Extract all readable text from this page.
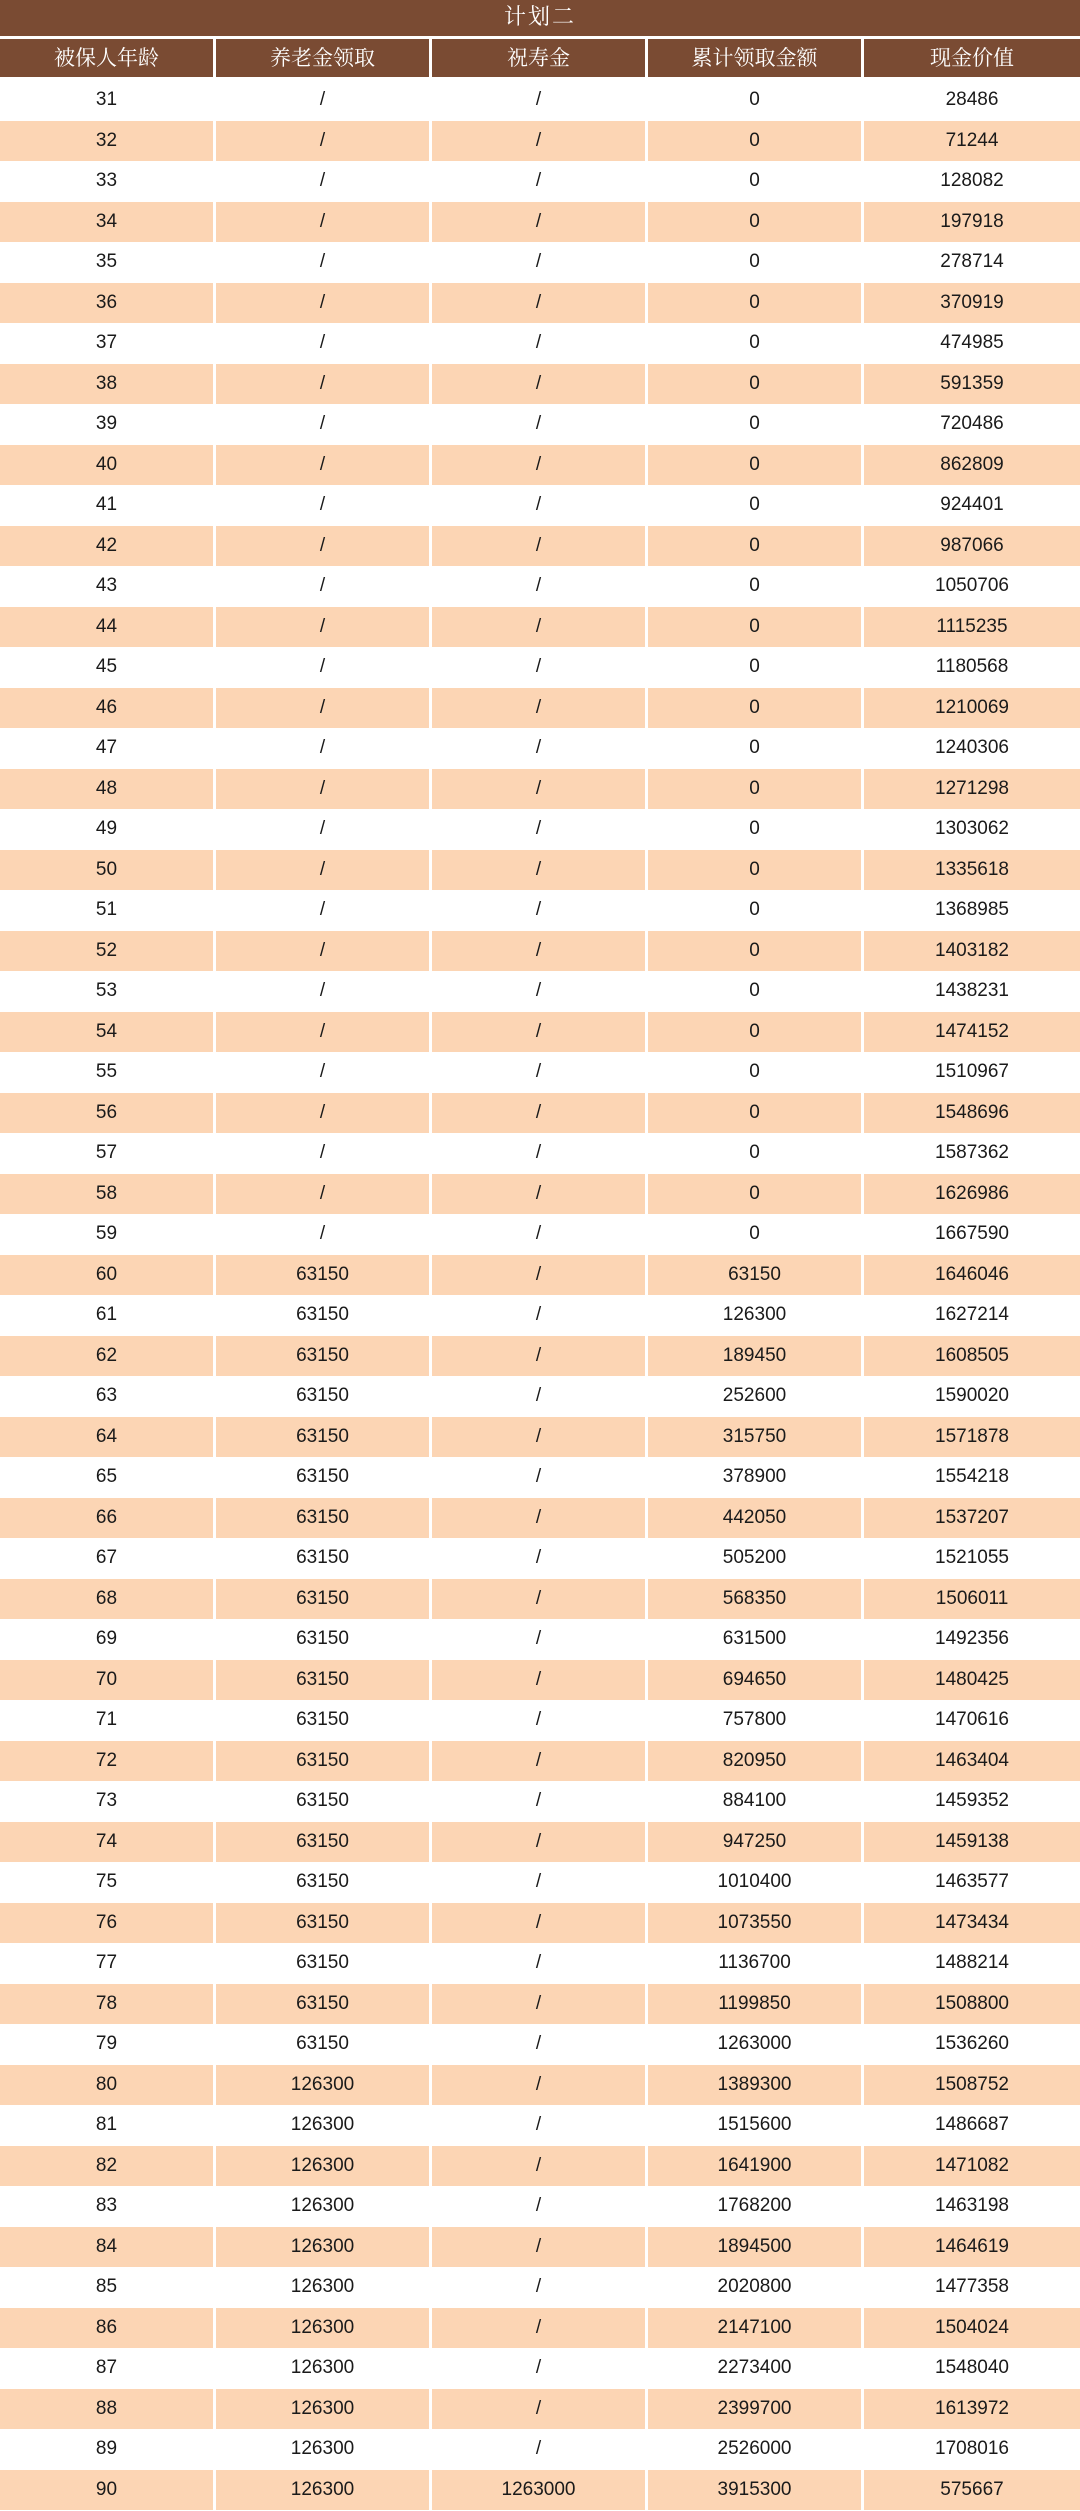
计划二
被保人年龄	养老金领取	祝寿金	累计领取金额	现金价值
31	/	/	0	28486
32	/	/	0	71244
33	/	/	0	128082
34	/	/	0	197918
35	/	/	0	278714
36	/	/	0	370919
37	/	/	0	474985
38	/	/	0	591359
39	/	/	0	720486
40	/	/	0	862809
41	/	/	0	924401
42	/	/	0	987066
43	/	/	0	1050706
44	/	/	0	1115235
45	/	/	0	1180568
46	/	/	0	1210069
47	/	/	0	1240306
48	/	/	0	1271298
49	/	/	0	1303062
50	/	/	0	1335618
51	/	/	0	1368985
52	/	/	0	1403182
53	/	/	0	1438231
54	/	/	0	1474152
55	/	/	0	1510967
56	/	/	0	1548696
57	/	/	0	1587362
58	/	/	0	1626986
59	/	/	0	1667590
60	63150	/	63150	1646046
61	63150	/	126300	1627214
62	63150	/	189450	1608505
63	63150	/	252600	1590020
64	63150	/	315750	1571878
65	63150	/	378900	1554218
66	63150	/	442050	1537207
67	63150	/	505200	1521055
68	63150	/	568350	1506011
69	63150	/	631500	1492356
70	63150	/	694650	1480425
71	63150	/	757800	1470616
72	63150	/	820950	1463404
73	63150	/	884100	1459352
74	63150	/	947250	1459138
75	63150	/	1010400	1463577
76	63150	/	1073550	1473434
77	63150	/	1136700	1488214
78	63150	/	1199850	1508800
79	63150	/	1263000	1536260
80	126300	/	1389300	1508752
81	126300	/	1515600	1486687
82	126300	/	1641900	1471082
83	126300	/	1768200	1463198
84	126300	/	1894500	1464619
85	126300	/	2020800	1477358
86	126300	/	2147100	1504024
87	126300	/	2273400	1548040
88	126300	/	2399700	1613972
89	126300	/	2526000	1708016
90	126300	1263000	3915300	575667
